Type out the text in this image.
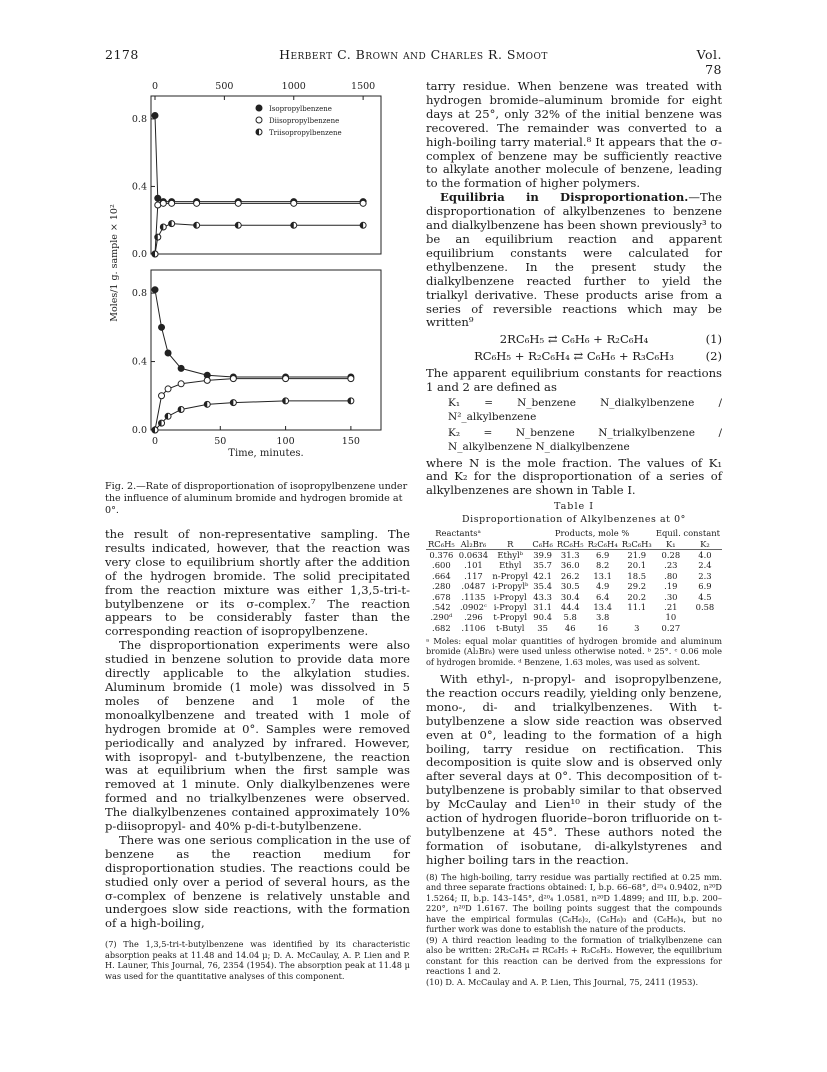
2178	Herbert C. Brown and Charles R. Smoot	Vol. 78
0	500	1000	1500
0	50	100	150
0.8
0.4
0.0
0.8
0.4
0.0
Moles/1 g. sample × 10²
Time, minutes.
Isopropylbenzene
Diisopropylbenzene
Triisopropylbenzene
Fig. 2.—Rate of disproportionation of isopropylbenzene under the influence of aluminum bromide and hydrogen bromide at 0°.

the result of non-representative sampling. The results indicated, however, that the reaction was very close to equilibrium shortly after the addition of the hydrogen bromide. The solid precipitated from the reaction mixture was either 1,3,5-tri-t-butylbenzene or its σ-complex.⁷ The reaction appears to be considerably faster than the corresponding reaction of isopropylbenzene.

The disproportionation experiments were also studied in benzene solution to provide data more directly applicable to the alkylation studies. Aluminum bromide (1 mole) was dissolved in 5 moles of benzene and 1 mole of the monoalkylbenzene and treated with 1 mole of hydrogen bromide at 0°. Samples were removed periodically and analyzed by infrared. However, with isopropyl- and t-butylbenzene, the reaction was at equilibrium when the first sample was removed at 1 minute. Only dialkylbenzenes were formed and no trialkylbenzenes were observed. The dialkylbenzenes contained approximately 10% p-diisopropyl- and 40% p-di-t-butylbenzene.

There was one serious complication in the use of benzene as the reaction medium for disproportionation studies. The reactions could be studied only over a period of several hours, as the σ-complex of benzene is relatively unstable and undergoes slow side reactions, with the formation of a high-boiling,

(7) The 1,3,5-tri-t-butylbenzene was identified by its characteristic absorption peaks at 11.48 and 14.04 μ; D. A. McCaulay, A. P. Lien and P. H. Launer, This Journal, 76, 2354 (1954). The absorption peak at 11.48 μ was used for the quantitative analyses of this component.

tarry residue. When benzene was treated with hydrogen bromide–aluminum bromide for eight days at 25°, only 32% of the initial benzene was recovered. The remainder was converted to a high-boiling tarry material.⁸ It appears that the σ-complex of benzene may be sufficiently reactive to alkylate another molecule of benzene, leading to the formation of higher polymers.

Equilibria in Disproportionation.—The disproportionation of alkylbenzenes to benzene and dialkylbenzene has been shown previously³ to be an equilibrium reaction and apparent equilibrium constants were calculated for ethylbenzene. In the present study the dialkylbenzene reacted further to yield the trialkyl derivative. These products arise from a series of reversible reactions which may be written⁹

2RC₆H₅ ⇄ C₆H₆ + R₂C₆H₄	(1)
RC₆H₅ + R₂C₆H₄ ⇄ C₆H₆ + R₃C₆H₃	(2)

The apparent equilibrium constants for reactions 1 and 2 are defined as

K₁ = N_benzene N_dialkylbenzene / N²_alkylbenzene
K₂ = N_benzene N_trialkylbenzene / N_alkylbenzene N_dialkylbenzene

where N is the mole fraction. The values of K₁ and K₂ for the disproportionation of a series of alkylbenzenes are shown in Table I.

Table I
Disproportionation of Alkylbenzenes at 0°
Reactantsᵃ			Products, mole %				Equil. constant	
RC₆H₅	Al₂Br₆	R	C₆H₆	RC₆H₅	R₂C₆H₄	R₃C₆H₃	K₁	K₂
0.376	0.0634	Ethylᵇ	39.9	31.3	6.9	21.9	0.28	4.0
.600	.101	Ethyl	35.7	36.0	8.2	20.1	.23	2.4
.664	.117	n-Propyl	42.1	26.2	13.1	18.5	.80	2.3
.280	.0487	i-Propylᵇ	35.4	30.5	4.9	29.2	.19	6.9
.678	.1135	i-Propyl	43.3	30.4	6.4	20.2	.30	4.5
.542	.0902ᶜ	i-Propyl	31.1	44.4	13.4	11.1	.21	0.58
.290ᵈ	.296	t-Propyl	90.4	5.8	3.8		10	
.682	.1106	t-Butyl	35	46	16	3	0.27	
ᵃ Moles: equal molar quantities of hydrogen bromide and aluminum bromide (Al₂Br₆) were used unless otherwise noted. ᵇ 25°. ᶜ 0.06 mole of hydrogen bromide. ᵈ Benzene, 1.63 moles, was used as solvent.

With ethyl-, n-propyl- and isopropylbenzene, the reaction occurs readily, yielding only benzene, mono-, di- and trialkylbenzenes. With t-butylbenzene a slow side reaction was observed even at 0°, leading to the formation of a high boiling, tarry residue on rectification. This decomposition is quite slow and is observed only after several days at 0°. This decomposition of t-butylbenzene is probably similar to that observed by McCaulay and Lien¹⁰ in their study of the action of hydrogen fluoride–boron trifluoride on t-butylbenzene at 45°. These authors noted the formation of isobutane, di-alkylstyrenes and higher boiling tars in the reaction.

(8) The high-boiling, tarry residue was partially rectified at 0.25 mm. and three separate fractions obtained: I, b.p. 66–68°, d²⁵₄ 0.9402, n²⁰D 1.5264; II, b.p. 143–145°, d²⁰₄ 1.0581, n²⁰D 1.4899; and III, b.p. 200–220°, n²⁰D 1.6167. The boiling points suggest that the compounds have the empirical formulas (C₆H₆)₂, (C₆H₆)₃ and (C₆H₆)₄, but no further work was done to establish the nature of the products.

(9) A third reaction leading to the formation of trialkylbenzene can also be written: 2R₂C₆H₄ ⇄ RC₆H₅ + R₃C₆H₃. However, the equilibrium constant for this reaction can be derived from the expressions for reactions 1 and 2.

(10) D. A. McCaulay and A. P. Lien, This Journal, 75, 2411 (1953).
